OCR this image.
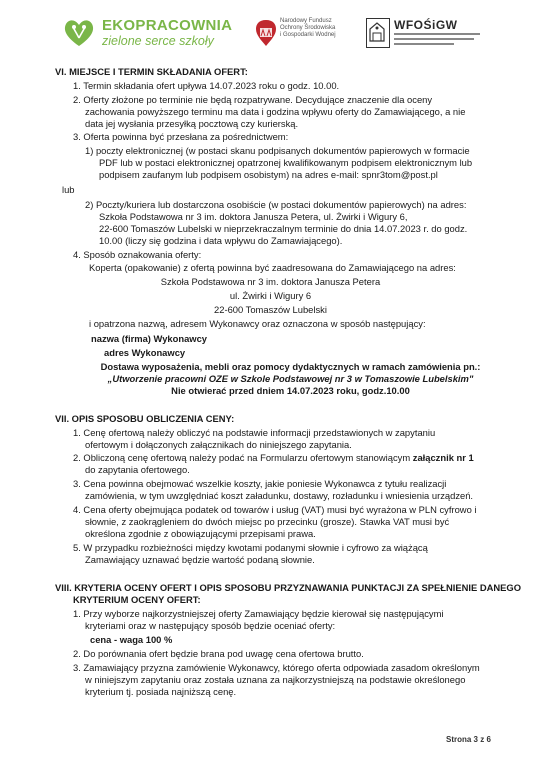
EKOPRACOWNIA
zielone serce szkoły
Narodowy Fundusz
Ochrony Środowiska
i Gospodarki Wodnej
WFOŚiGW
VI. MIEJSCE I TERMIN SKŁADANIA OFERT:
1. Termin składania ofert upływa 14.07.2023 roku o godz. 10.00.
2. Oferty złożone po terminie nie będą rozpatrywane. Decydujące znaczenie dla oceny
zachowania powyższego terminu ma data i godzina wpływu oferty do Zamawiającego, a nie
data jej wysłania przesyłką pocztową czy kurierską.
3. Oferta powinna być przesłana za pośrednictwem:
1) poczty elektronicznej (w postaci skanu podpisanych dokumentów papierowych w formacie
PDF lub w postaci elektronicznej opatrzonej kwalifikowanym podpisem elektronicznym lub
podpisem zaufanym lub podpisem osobistym) na adres e-mail: spnr3tom@post.pl
lub
2) Poczty/kuriera lub dostarczona osobiście (w postaci dokumentów papierowych) na adres:
Szkoła Podstawowa nr 3 im. doktora Janusza Petera, ul. Żwirki i Wigury 6,
22-600 Tomaszów Lubelski w nieprzekraczalnym terminie do dnia 14.07.2023 r. do godz.
10.00 (liczy się godzina i data wpływu do Zamawiającego).
4. Sposób oznakowania oferty:
Koperta (opakowanie) z ofertą powinna być zaadresowana do Zamawiającego na adres:
Szkoła Podstawowa nr 3 im. doktora Janusza Petera
ul. Żwirki i Wigury 6
22-600 Tomaszów Lubelski
i opatrzona nazwą, adresem Wykonawcy oraz oznaczona w sposób następujący:
nazwa (firma) Wykonawcy
adres Wykonawcy
Dostawa wyposażenia, mebli oraz pomocy dydaktycznych w ramach zamówienia pn.:
„Utworzenie pracowni OZE w Szkole Podstawowej nr 3 w Tomaszowie Lubelskim"
Nie otwierać przed dniem 14.07.2023 roku, godz.10.00
VII. OPIS SPOSOBU OBLICZENIA CENY:
1. Cenę ofertową należy obliczyć na podstawie informacji przedstawionych w zapytaniu
ofertowym i dołączonych załącznikach do niniejszego zapytania.
2. Obliczoną cenę ofertową należy podać na Formularzu ofertowym stanowiącym załącznik nr 1
do zapytania ofertowego.
3. Cena powinna obejmować wszelkie koszty, jakie poniesie Wykonawca z tytułu realizacji
zamówienia, w tym uwzględniać koszt załadunku, dostawy, rozładunku i wniesienia urządzeń.
4. Cena oferty obejmująca podatek od towarów i usług (VAT) musi być wyrażona w PLN cyfrowo i
słownie, z zaokrągleniem do dwóch miejsc po przecinku (grosze). Stawka VAT musi być
określona zgodnie z obowiązującymi przepisami prawa.
5. W przypadku rozbieżności między kwotami podanymi słownie i cyfrowo za wiążącą
Zamawiający uznawać będzie wartość podaną słownie.
VIII. KRYTERIA OCENY OFERT I OPIS SPOSOBU PRZYZNAWANIA PUNKTACJI ZA SPEŁNIENIE DANEGO
KRYTERIUM OCENY OFERT:
1. Przy wyborze najkorzystniejszej oferty Zamawiający będzie kierował się następującymi
kryteriami oraz w następujący sposób będzie oceniać oferty:
cena - waga 100 %
2. Do porównania ofert będzie brana pod uwagę cena ofertowa brutto.
3. Zamawiający przyzna zamówienie Wykonawcy, którego oferta odpowiada zasadom określonym
w niniejszym zapytaniu oraz została uznana za najkorzystniejszą na podstawie określonego
kryterium tj. posiada najniższą cenę.
Strona 3 z 6
